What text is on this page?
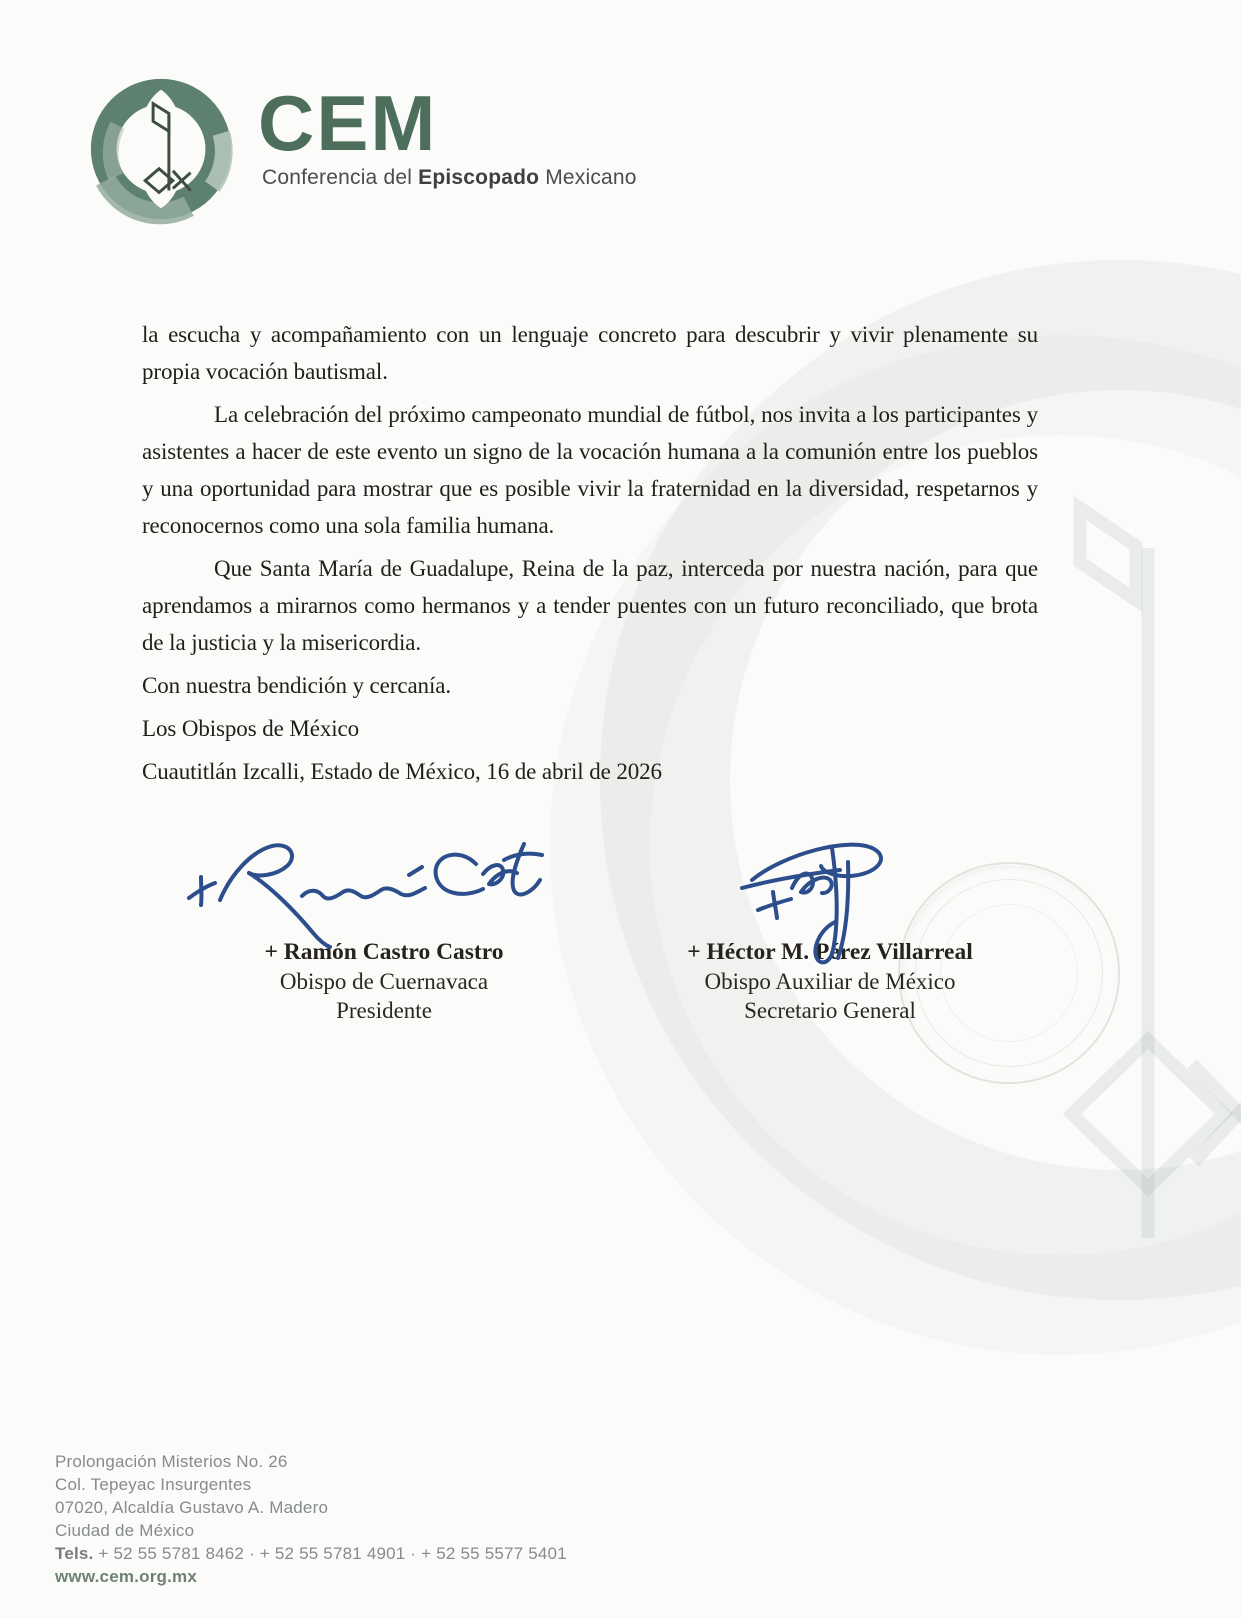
CEM
Conferencia del Episcopado Mexicano

la escucha y acompañamiento con un lenguaje concreto para descubrir y vivir plenamente su propia vocación bautismal.

La celebración del próximo campeonato mundial de fútbol, nos invita a los participantes y asistentes a hacer de este evento un signo de la vocación humana a la comunión entre los pueblos y una oportunidad para mostrar que es posible vivir la fraternidad en la diversidad, respetarnos y reconocernos como una sola familia humana.

Que Santa María de Guadalupe, Reina de la paz, interceda por nuestra nación, para que aprendamos a mirarnos como hermanos y a tender puentes con un futuro reconciliado, que brota de la justicia y la misericordia.

Con nuestra bendición y cercanía.

Los Obispos de México

Cuautitlán Izcalli, Estado de México, 16 de abril de 2026

+ Ramón Castro Castro
Obispo de Cuernavaca
Presidente
+ Héctor M. Pérez Villarreal
Obispo Auxiliar de México
Secretario General
Prolongación Misterios No. 26
Col. Tepeyac Insurgentes
07020, Alcaldía Gustavo A. Madero
Ciudad de México
Tels. + 52 55 5781 8462 · + 52 55 5781 4901 · + 52 55 5577 5401
www.cem.org.mx
